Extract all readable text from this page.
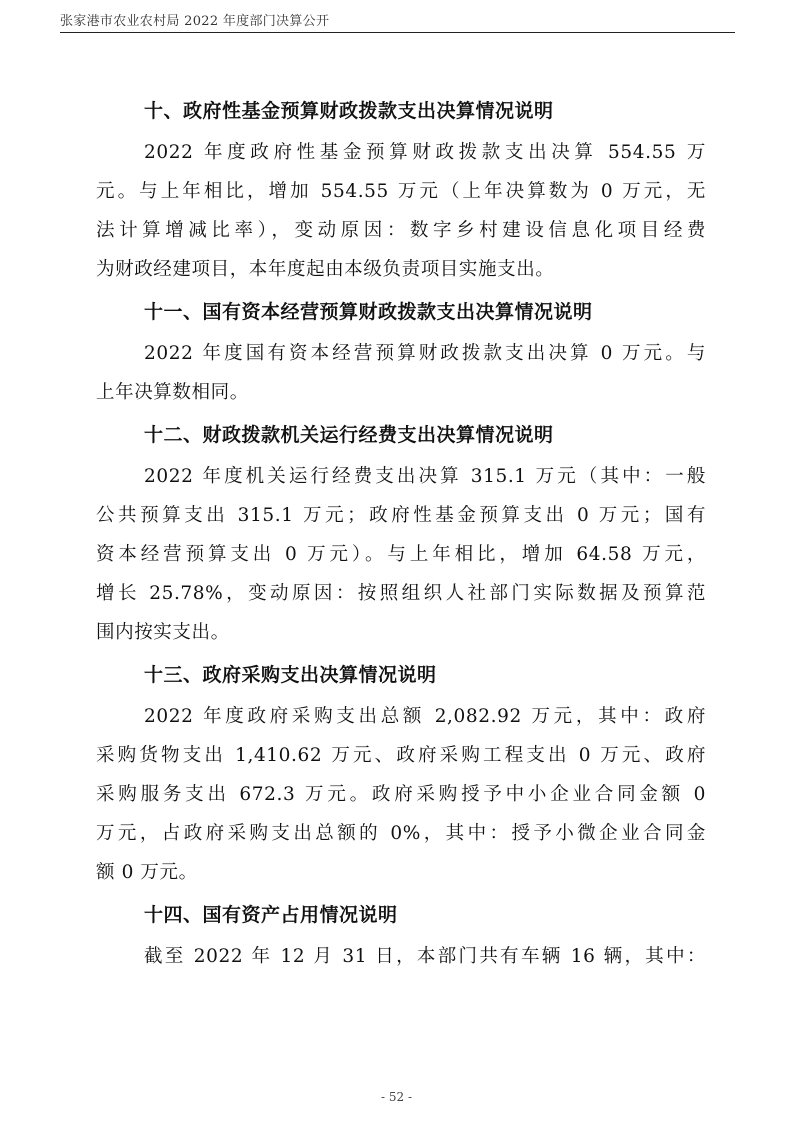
张家港市农业农村局 2022 年度部门决算公开
十、政府性基金预算财政拨款支出决算情况说明

2022 年度政府性基金预算财政拨款支出决算 554.55 万

元。与上年相比，增加 554.55 万元（上年决算数为 0 万元，无

法计算增减比率），变动原因：数字乡村建设信息化项目经费

为财政经建项目，本年度起由本级负责项目实施支出。

十一、国有资本经营预算财政拨款支出决算情况说明

2022 年度国有资本经营预算财政拨款支出决算 0 万元。与

上年决算数相同。

十二、财政拨款机关运行经费支出决算情况说明

2022 年度机关运行经费支出决算 315.1 万元（其中：一般

公共预算支出 315.1 万元；政府性基金预算支出 0 万元；国有

资本经营预算支出 0 万元）。与上年相比，增加 64.58 万元，

增长 25.78%，变动原因：按照组织人社部门实际数据及预算范

围内按实支出。

十三、政府采购支出决算情况说明

2022 年度政府采购支出总额 2,082.92 万元，其中：政府

采购货物支出 1,410.62 万元、政府采购工程支出 0 万元、政府

采购服务支出 672.3 万元。政府采购授予中小企业合同金额 0

万元，占政府采购支出总额的 0%，其中：授予小微企业合同金

额 0 万元。

十四、国有资产占用情况说明

截至 2022 年 12 月 31 日，本部门共有车辆 16 辆，其中：

- 52 -
